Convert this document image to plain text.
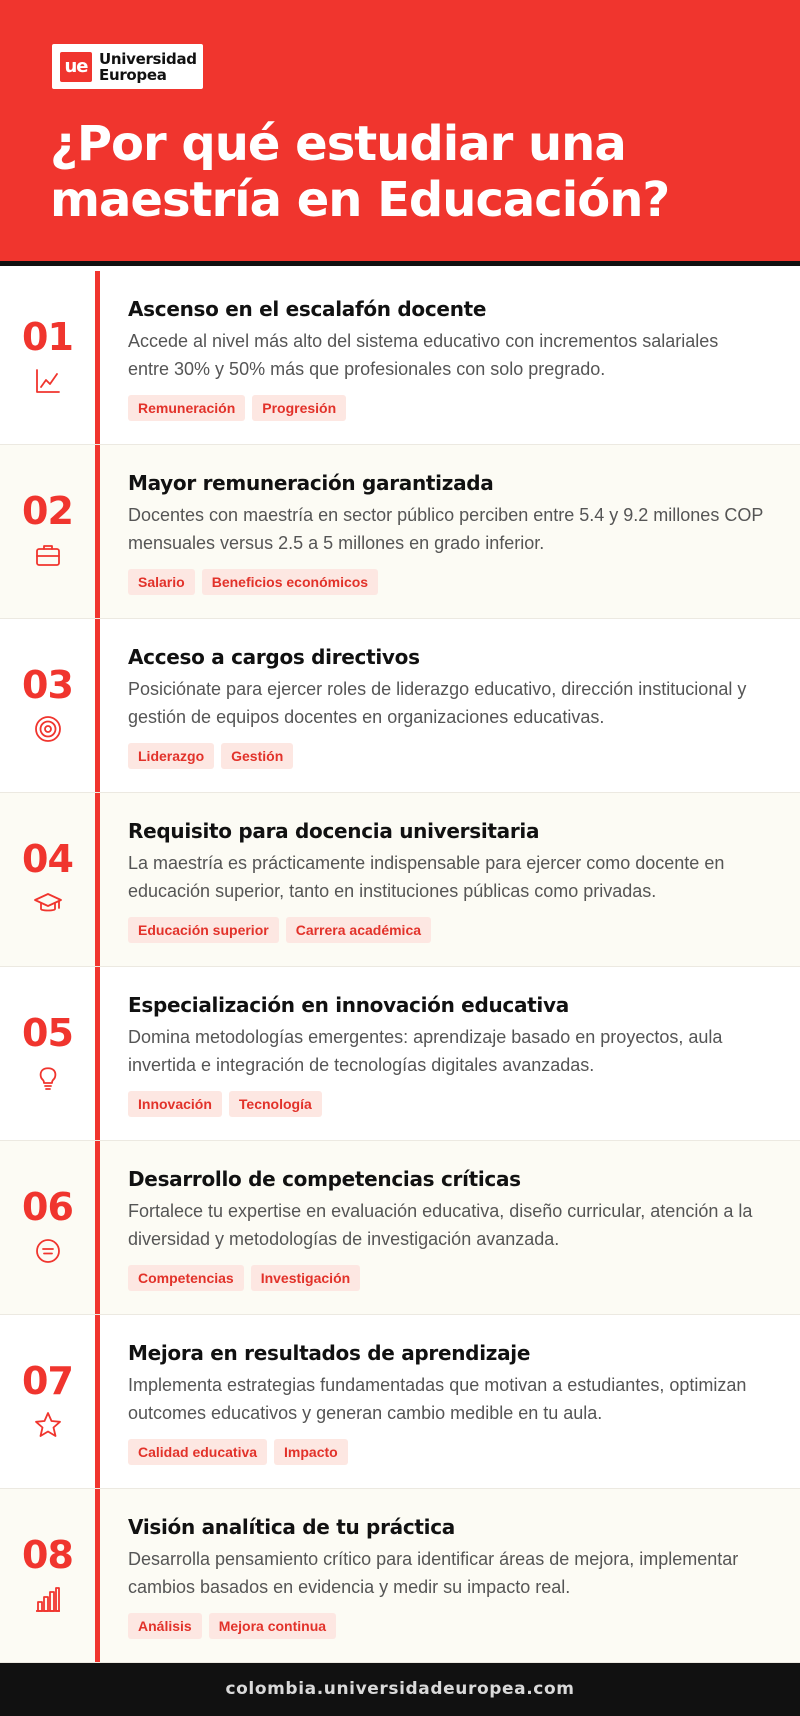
ue Universidad
Europea
¿Por qué estudiar una
maestría en Educación?
01
Ascenso en el escalafón docente

Accede al nivel más alto del sistema educativo con incrementos salariales
entre 30% y 50% más que profesionales con solo pregrado.

Remuneración	Progresión
02
Mayor remuneración garantizada

Docentes con maestría en sector público perciben entre 5.4 y 9.2 millones COP
mensuales versus 2.5 a 5 millones en grado inferior.

Salario	Beneficios económicos
03
Acceso a cargos directivos

Posiciónate para ejercer roles de liderazgo educativo, dirección institucional y
gestión de equipos docentes en organizaciones educativas.

Liderazgo	Gestión
04
Requisito para docencia universitaria

La maestría es prácticamente indispensable para ejercer como docente en
educación superior, tanto en instituciones públicas como privadas.

Educación superior	Carrera académica
05
Especialización en innovación educativa

Domina metodologías emergentes: aprendizaje basado en proyectos, aula
invertida e integración de tecnologías digitales avanzadas.

Innovación	Tecnología
06
Desarrollo de competencias críticas

Fortalece tu expertise en evaluación educativa, diseño curricular, atención a la
diversidad y metodologías de investigación avanzada.

Competencias	Investigación
07
Mejora en resultados de aprendizaje

Implementa estrategias fundamentadas que motivan a estudiantes, optimizan
outcomes educativos y generan cambio medible en tu aula.

Calidad educativa	Impacto
08
Visión analítica de tu práctica

Desarrolla pensamiento crítico para identificar áreas de mejora, implementar
cambios basados en evidencia y medir su impacto real.

Análisis	Mejora continua
colombia.universidadeuropea.com
